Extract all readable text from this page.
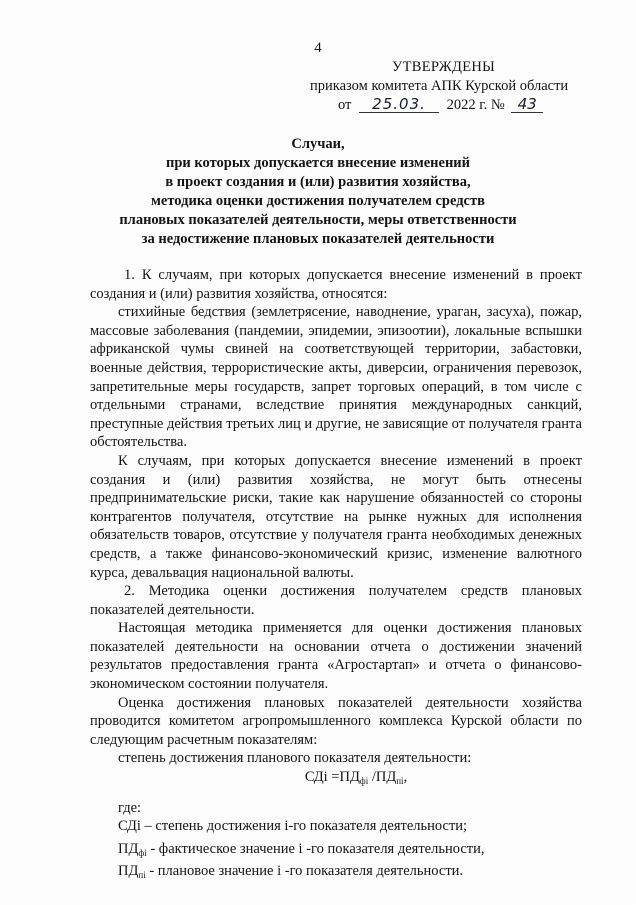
4
УТВЕРЖДЕНЫ
приказом комитета АПК Курской области
от 25.03. 2022 г. № 43
Случаи,
при которых допускается внесение изменений
в проект создания и (или) развития хозяйства,
методика оценки достижения получателем средств
плановых показателей деятельности, меры ответственности
за недостижение плановых показателей деятельности

1. К случаям, при которых допускается внесение изменений в проект создания и (или) развития хозяйства, относятся:

стихийные бедствия (землетрясение, наводнение, ураган, засуха), пожар, массовые заболевания (пандемии, эпидемии, эпизоотии), локальные вспышки африканской чумы свиней на соответствующей территории, забастовки, военные действия, террористические акты, диверсии, ограничения перевозок, запретительные меры государств, запрет торговых операций, в том числе с отдельными странами, вследствие принятия международных санкций, преступные действия третьих лиц и другие, не зависящие от получателя гранта обстоятельства.

К случаям, при которых допускается внесение изменений в проект создания и (или) развития хозяйства, не могут быть отнесены предпринимательские риски, такие как нарушение обязанностей со стороны контрагентов получателя, отсутствие на рынке нужных для исполнения обязательств товаров, отсутствие у получателя гранта необходимых денежных средств, а также финансово-экономический кризис, изменение валютного курса, девальвация национальной валюты.

2. Методика оценки достижения получателем средств плановых показателей деятельности.

Настоящая методика применяется для оценки достижения плановых показателей деятельности на основании отчета о достижении значений результатов предоставления гранта «Агростартап» и отчета о финансово-экономическом состоянии получателя.

Оценка достижения плановых показателей деятельности хозяйства проводится комитетом агропромышленного комплекса Курской области по следующим расчетным показателям:

степень достижения планового показателя деятельности:

СДi $=ПД_{фi}$ $/ПД_{пi}$,

где:

СДi – степень достижения i-го показателя деятельности;

$ПД_{фi}$ - фактическое значение i -го показателя деятельности,

$ПД_{пi}$ - плановое значение i -го показателя деятельности.
